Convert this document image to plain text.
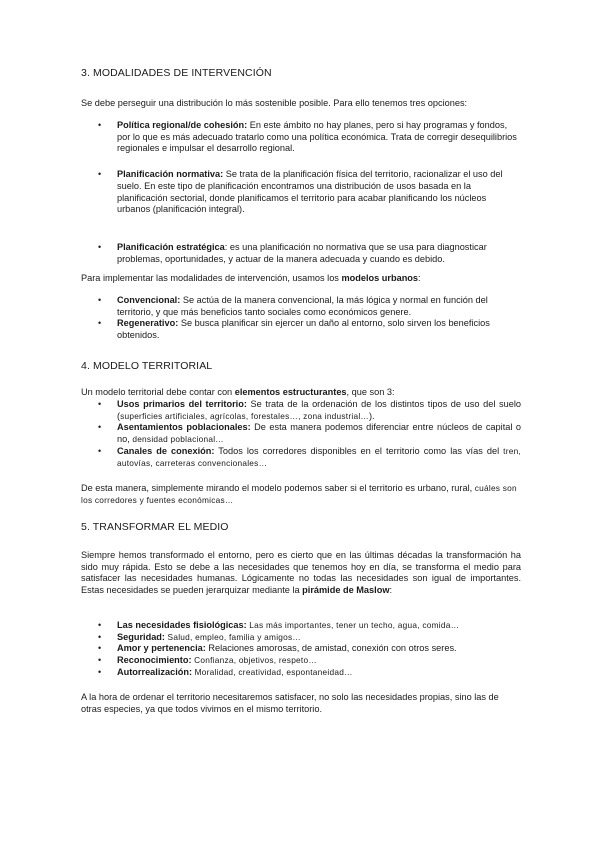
3. MODALIDADES DE INTERVENCIÓN

Se debe perseguir una distribución lo más sostenible posible. Para ello tenemos tres opciones:

• Política regional/de cohesión: En este ámbito no hay planes, pero si hay programas y fondos, por lo que es más adecuado tratarlo como una política económica. Trata de corregir desequilibrios regionales e impulsar el desarrollo regional.
• Planificación normativa: Se trata de la planificación física del territorio, racionalizar el uso del suelo. En este tipo de planificación encontramos una distribución de usos basada en la planificación sectorial, donde planificamos el territorio para acabar planificando los núcleos urbanos (planificación integral).
• Planificación estratégica: es una planificación no normativa que se usa para diagnosticar problemas, oportunidades, y actuar de la manera adecuada y cuando es debido.

Para implementar las modalidades de intervención, usamos los modelos urbanos:

• Convencional: Se actúa de la manera convencional, la más lógica y normal en función del territorio, y que más beneficios tanto sociales como económicos genere.
• Regenerativo: Se busca planificar sin ejercer un daño al entorno, solo sirven los beneficios obtenidos.
4. MODELO TERRITORIAL

Un modelo territorial debe contar con elementos estructurantes, que son 3:

• Usos primarios del territorio: Se trata de la ordenación de los distintos tipos de uso del suelo (superficies artificiales, agrícolas, forestales…, zona industrial…).
• Asentamientos poblacionales: De esta manera podemos diferenciar entre núcleos de capital o no, densidad poblacional…
• Canales de conexión: Todos los corredores disponibles en el territorio como las vías del tren, autovías, carreteras convencionales…

De esta manera, simplemente mirando el modelo podemos saber si el territorio es urbano, rural, cuáles son los corredores y fuentes económicas…

5. TRANSFORMAR EL MEDIO

Siempre hemos transformado el entorno, pero es cierto que en las últimas décadas la transformación ha sido muy rápida. Esto se debe a las necesidades que tenemos hoy en día, se transforma el medio para satisfacer las necesidades humanas. Lógicamente no todas las necesidades son igual de importantes. Estas necesidades se pueden jerarquizar mediante la pirámide de Maslow:

• Las necesidades fisiológicas: Las más importantes, tener un techo, agua, comida…
• Seguridad: Salud, empleo, familia y amigos…
• Amor y pertenencia: Relaciones amorosas, de amistad, conexión con otros seres.
• Reconocimiento: Confianza, objetivos, respeto…
• Autorrealización: Moralidad, creatividad, espontaneidad…

A la hora de ordenar el territorio necesitaremos satisfacer, no solo las necesidades propias, sino las de otras especies, ya que todos vivimos en el mismo territorio.
